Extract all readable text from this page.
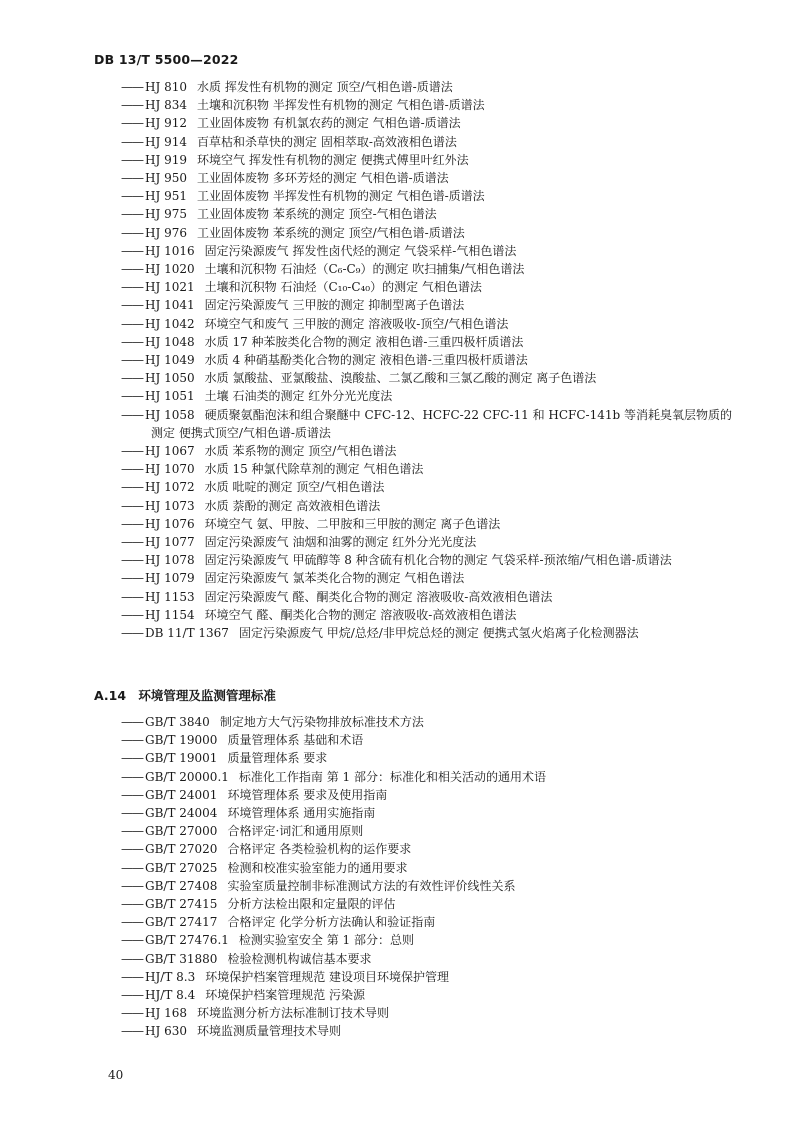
DB 13/T 5500—2022
—— HJ 810 水质 挥发性有机物的测定 顶空/气相色谱-质谱法
—— HJ 834 土壤和沉积物 半挥发性有机物的测定 气相色谱-质谱法
—— HJ 912 工业固体废物 有机氯农药的测定 气相色谱-质谱法
—— HJ 914 百草枯和杀草快的测定 固相萃取-高效液相色谱法
—— HJ 919 环境空气 挥发性有机物的测定 便携式傅里叶红外法
—— HJ 950 工业固体废物 多环芳烃的测定 气相色谱-质谱法
—— HJ 951 工业固体废物 半挥发性有机物的测定 气相色谱-质谱法
—— HJ 975 工业固体废物 苯系统的测定 顶空-气相色谱法
—— HJ 976 工业固体废物 苯系统的测定 顶空/气相色谱-质谱法
—— HJ 1016 固定污染源废气 挥发性卤代烃的测定 气袋采样-气相色谱法
—— HJ 1020 土壤和沉积物 石油烃（C₆-C₉）的测定 吹扫捕集/气相色谱法
—— HJ 1021 土壤和沉积物 石油烃（C₁₀-C₄₀）的测定 气相色谱法
—— HJ 1041 固定污染源废气 三甲胺的测定 抑制型离子色谱法
—— HJ 1042 环境空气和废气 三甲胺的测定 溶液吸收-顶空/气相色谱法
—— HJ 1048 水质 17 种苯胺类化合物的测定 液相色谱-三重四极杆质谱法
—— HJ 1049 水质 4 种硝基酚类化合物的测定 液相色谱-三重四极杆质谱法
—— HJ 1050 水质 氯酸盐、亚氯酸盐、溴酸盐、二氯乙酸和三氯乙酸的测定 离子色谱法
—— HJ 1051 土壤 石油类的测定 红外分光光度法
—— HJ 1058 硬质聚氨酯泡沫和组合聚醚中 CFC-12、HCFC-22 CFC-11 和 HCFC-141b 等消耗臭氧层物质的测定 便携式顶空/气相色谱-质谱法
—— HJ 1067 水质 苯系物的测定 顶空/气相色谱法
—— HJ 1070 水质 15 种氯代除草剂的测定 气相色谱法
—— HJ 1072 水质 吡啶的测定 顶空/气相色谱法
—— HJ 1073 水质 萘酚的测定 高效液相色谱法
—— HJ 1076 环境空气 氨、甲胺、二甲胺和三甲胺的测定 离子色谱法
—— HJ 1077 固定污染源废气 油烟和油雾的测定 红外分光光度法
—— HJ 1078 固定污染源废气 甲硫醇等 8 种含硫有机化合物的测定 气袋采样-预浓缩/气相色谱-质谱法
—— HJ 1079 固定污染源废气 氯苯类化合物的测定 气相色谱法
—— HJ 1153 固定污染源废气 醛、酮类化合物的测定 溶液吸收-高效液相色谱法
—— HJ 1154 环境空气 醛、酮类化合物的测定 溶液吸收-高效液相色谱法
—— DB 11/T 1367 固定污染源废气 甲烷/总烃/非甲烷总烃的测定 便携式氢火焰离子化检测器法
A.14 环境管理及监测管理标准
—— GB/T 3840 制定地方大气污染物排放标准技术方法
—— GB/T 19000 质量管理体系 基础和术语
—— GB/T 19001 质量管理体系 要求
—— GB/T 20000.1 标准化工作指南 第 1 部分：标准化和相关活动的通用术语
—— GB/T 24001 环境管理体系 要求及使用指南
—— GB/T 24004 环境管理体系 通用实施指南
—— GB/T 27000 合格评定·词汇和通用原则
—— GB/T 27020 合格评定 各类检验机构的运作要求
—— GB/T 27025 检测和校准实验室能力的通用要求
—— GB/T 27408 实验室质量控制非标准测试方法的有效性评价线性关系
—— GB/T 27415 分析方法检出限和定量限的评估
—— GB/T 27417 合格评定 化学分析方法确认和验证指南
—— GB/T 27476.1 检测实验室安全 第 1 部分：总则
—— GB/T 31880 检验检测机构诚信基本要求
—— HJ/T 8.3 环境保护档案管理规范 建设项目环境保护管理
—— HJ/T 8.4 环境保护档案管理规范 污染源
—— HJ 168 环境监测分析方法标准制订技术导则
—— HJ 630 环境监测质量管理技术导则
40
